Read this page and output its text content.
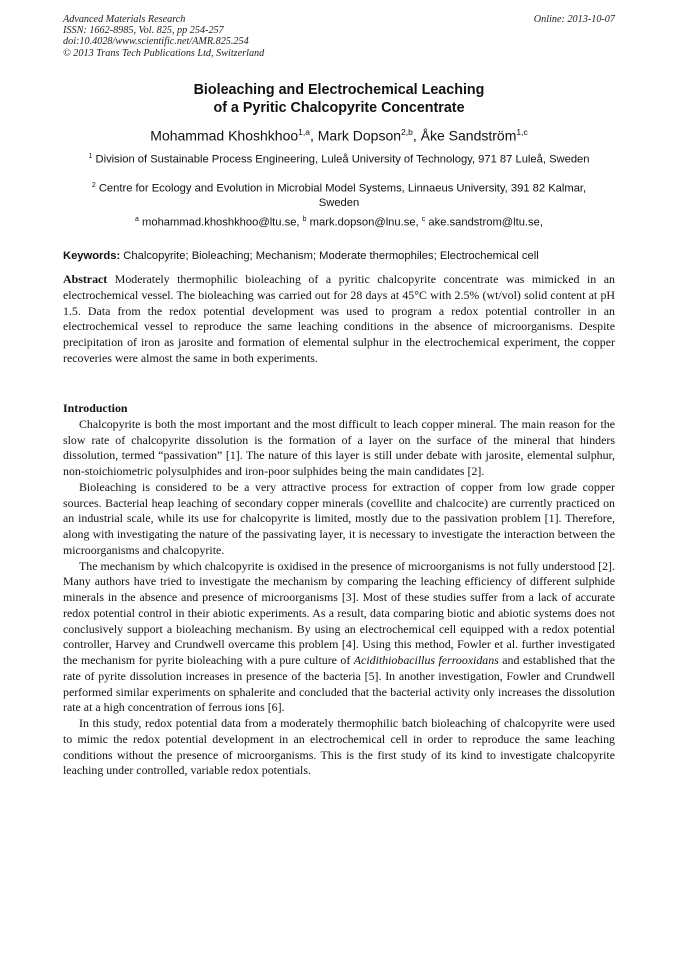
Advanced Materials Research
ISSN: 1662-8985, Vol. 825, pp 254-257
doi:10.4028/www.scientific.net/AMR.825.254
© 2013 Trans Tech Publications Ltd, Switzerland
Online: 2013-10-07
Bioleaching and Electrochemical Leaching
of a Pyritic Chalcopyrite Concentrate
Mohammad Khoshkhoo$^{1,a}$, Mark Dopson$^{2,b}$, Åke Sandström$^{1,c}$
$^1$ Division of Sustainable Process Engineering, Luleå University of Technology, 971 87 Luleå, Sweden
$^2$ Centre for Ecology and Evolution in Microbial Model Systems, Linnaeus University, 391 82 Kalmar, Sweden
$^a$ mohammad.khoshkhoo@ltu.se, $^b$ mark.dopson@lnu.se, $^c$ ake.sandstrom@ltu.se,
Keywords: Chalcopyrite; Bioleaching; Mechanism; Moderate thermophiles; Electrochemical cell

Abstract Moderately thermophilic bioleaching of a pyritic chalcopyrite concentrate was mimicked in an electrochemical vessel. The bioleaching was carried out for 28 days at 45°C with 2.5% (wt/vol) solid content at pH 1.5. Data from the redox potential development was used to program a redox potential controller in an electrochemical vessel to reproduce the same leaching conditions in the absence of microorganisms. Despite precipitation of iron as jarosite and formation of elemental sulphur in the electrochemical experiment, the copper recoveries were almost the same in both experiments.

Introduction

Chalcopyrite is both the most important and the most difficult to leach copper mineral. The main reason for the slow rate of chalcopyrite dissolution is the formation of a layer on the surface of the mineral that hinders dissolution, termed “passivation” [1]. The nature of this layer is still under debate with jarosite, elemental sulphur, non-stoichiometric polysulphides and iron-poor sulphides being the main candidates [2].

Bioleaching is considered to be a very attractive process for extraction of copper from low grade copper sources. Bacterial heap leaching of secondary copper minerals (covellite and chalcocite) are currently practiced on an industrial scale, while its use for chalcopyrite is limited, mostly due to the passivation problem [1]. Therefore, along with investigating the nature of the passivating layer, it is necessary to investigate the interaction between the microorganisms and chalcopyrite.

The mechanism by which chalcopyrite is oxidised in the presence of microorganisms is not fully understood [2]. Many authors have tried to investigate the mechanism by comparing the leaching efficiency of different sulphide minerals in the absence and presence of microorganisms [3]. Most of these studies suffer from a lack of accurate redox potential control in their abiotic experiments. As a result, data comparing biotic and abiotic systems does not conclusively support a bioleaching mechanism. By using an electrochemical cell equipped with a redox potential controller, Harvey and Crundwell overcame this problem [4]. Using this method, Fowler et al. further investigated the mechanism for pyrite bioleaching with a pure culture of Acidithiobacillus ferrooxidans and established that the rate of pyrite dissolution increases in presence of the bacteria [5]. In another investigation, Fowler and Crundwell performed similar experiments on sphalerite and concluded that the bacterial activity only increases the dissolution rate at a high concentration of ferrous ions [6].

In this study, redox potential data from a moderately thermophilic batch bioleaching of chalcopyrite were used to mimic the redox potential development in an electrochemical cell in order to reproduce the same leaching conditions without the presence of microorganisms. This is the first study of its kind to investigate chalcopyrite leaching under controlled, variable redox potentials.
